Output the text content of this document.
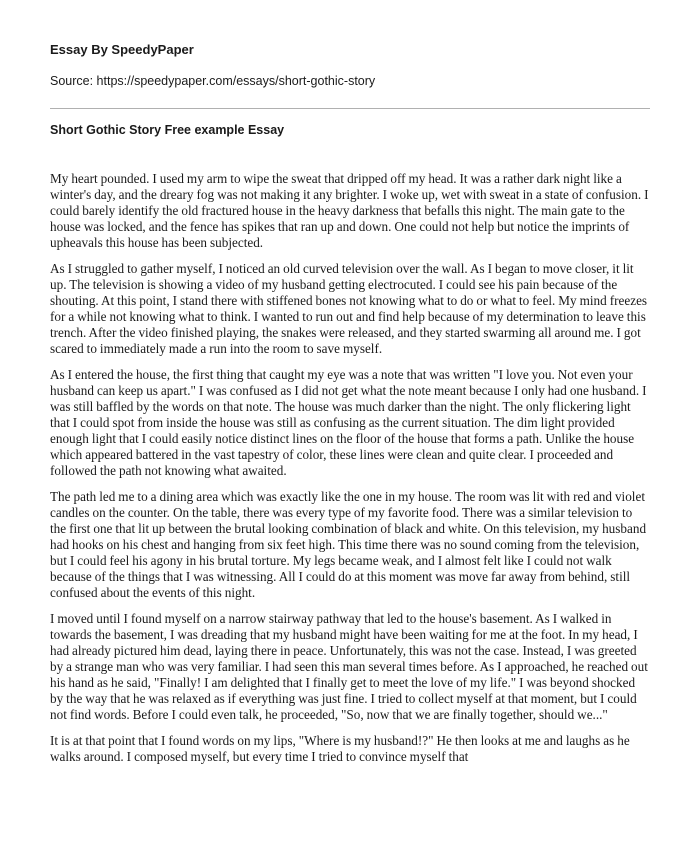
Essay By SpeedyPaper

Source: https://speedypaper.com/essays/short-gothic-story

Short Gothic Story Free example Essay

My heart pounded. I used my arm to wipe the sweat that dripped off my head. It was a rather dark night like a winter's day, and the dreary fog was not making it any brighter. I woke up, wet with sweat in a state of confusion. I could barely identify the old fractured house in the heavy darkness that befalls this night. The main gate to the house was locked, and the fence has spikes that ran up and down. One could not help but notice the imprints of upheavals this house has been subjected.

As I struggled to gather myself, I noticed an old curved television over the wall. As I began to move closer, it lit up. The television is showing a video of my husband getting electrocuted. I could see his pain because of the shouting. At this point, I stand there with stiffened bones not knowing what to do or what to feel. My mind freezes for a while not knowing what to think. I wanted to run out and find help because of my determination to leave this trench. After the video finished playing, the snakes were released, and they started swarming all around me. I got scared to immediately made a run into the room to save myself.

As I entered the house, the first thing that caught my eye was a note that was written "I love you. Not even your husband can keep us apart." I was confused as I did not get what the note meant because I only had one husband. I was still baffled by the words on that note. The house was much darker than the night. The only flickering light that I could spot from inside the house was still as confusing as the current situation. The dim light provided enough light that I could easily notice distinct lines on the floor of the house that forms a path. Unlike the house which appeared battered in the vast tapestry of color, these lines were clean and quite clear. I proceeded and followed the path not knowing what awaited.

The path led me to a dining area which was exactly like the one in my house. The room was lit with red and violet candles on the counter. On the table, there was every type of my favorite food. There was a similar television to the first one that lit up between the brutal looking combination of black and white. On this television, my husband had hooks on his chest and hanging from six feet high. This time there was no sound coming from the television, but I could feel his agony in his brutal torture. My legs became weak, and I almost felt like I could not walk because of the things that I was witnessing. All I could do at this moment was move far away from behind, still confused about the events of this night.

I moved until I found myself on a narrow stairway pathway that led to the house's basement. As I walked in towards the basement, I was dreading that my husband might have been waiting for me at the foot. In my head, I had already pictured him dead, laying there in peace. Unfortunately, this was not the case. Instead, I was greeted by a strange man who was very familiar. I had seen this man several times before. As I approached, he reached out his hand as he said, "Finally! I am delighted that I finally get to meet the love of my life." I was beyond shocked by the way that he was relaxed as if everything was just fine. I tried to collect myself at that moment, but I could not find words. Before I could even talk, he proceeded, "So, now that we are finally together, should we..."

It is at that point that I found words on my lips, "Where is my husband!?" He then looks at me and laughs as he walks around. I composed myself, but every time I tried to convince myself that
